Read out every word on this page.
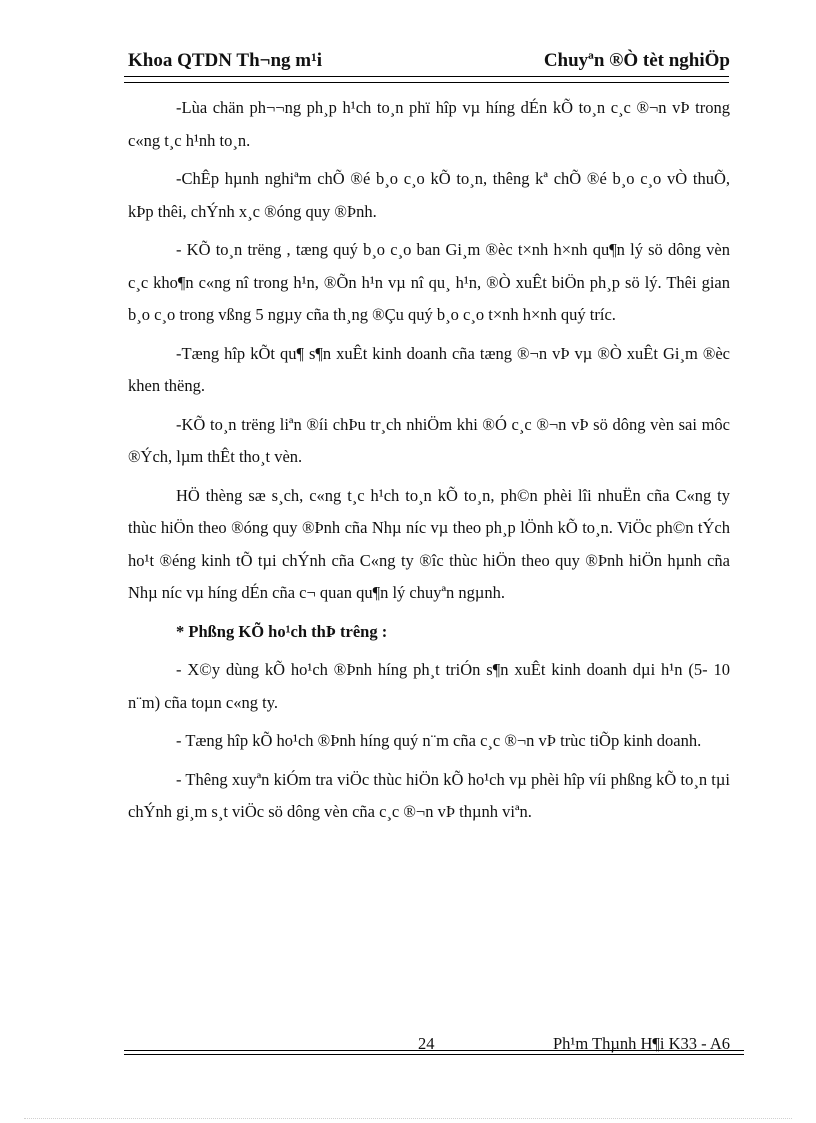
Khoa QTDN Th¬ng m¹i	Chuyªn ®Ò tèt nghiÖp

-Lùa chän ph¬¬ng ph¸p h¹ch to¸n phï hîp vµ híng dÉn kÕ to¸n c¸c ®¬n vÞ trong c«ng t¸c h¹nh to¸n.

-ChÊp hµnh nghiªm chÕ ®é b¸o c¸o kÕ to¸n, thêng kª chÕ ®é b¸o c¸o vÒ thuÕ, kÞp thêi, chÝnh x¸c ®óng quy ®Þnh.

- KÕ to¸n trëng , tæng quý b¸o c¸o ban Gi¸m ®èc t×nh h×nh qu¶n lý sö dông vèn c¸c kho¶n c«ng nî trong h¹n, ®Õn h¹n vµ nî qu¸ h¹n, ®Ò xuÊt biÖn ph¸p sö lý. Thêi gian b¸o c¸o trong vßng 5 ngµy cña th¸ng ®Çu quý b¸o c¸o t×nh h×nh quý tríc.

-Tæng hîp kÕt qu¶ s¶n xuÊt kinh doanh cña tæng ®¬n vÞ vµ ®Ò xuÊt Gi¸m ®èc khen thëng.

-KÕ to¸n trëng liªn ®íi chÞu tr¸ch nhiÖm khi ®Ó c¸c ®¬n vÞ sö dông vèn sai môc ®Ých, lµm thÊt tho¸t vèn.

HÖ thèng sæ s¸ch, c«ng t¸c h¹ch to¸n kÕ to¸n, ph©n phèi lîi nhuËn cña C«ng ty thùc hiÖn theo ®óng quy ®Þnh cña Nhµ níc vµ theo ph¸p lÖnh kÕ to¸n. ViÖc ph©n tÝch ho¹t ®éng kinh tÕ tµi chÝnh cña C«ng ty ®îc thùc hiÖn theo quy ®Þnh hiÖn hµnh cña Nhµ níc vµ híng dÉn cña c¬ quan qu¶n lý chuyªn ngµnh.

* Phßng KÕ ho¹ch thÞ trêng :

- X©y dùng kÕ ho¹ch ®Þnh híng ph¸t triÓn s¶n xuÊt kinh doanh dµi h¹n (5- 10 n¨m) cña toµn c«ng ty.

- Tæng hîp kÕ ho¹ch ®Þnh híng quý n¨m cña c¸c ®¬n vÞ trùc tiÕp kinh doanh.

- Thêng xuyªn kiÓm tra viÖc thùc hiÖn kÕ ho¹ch vµ phèi hîp víi phßng kÕ to¸n tµi chÝnh gi¸m s¸t viÖc sö dông vèn cña c¸c ®¬n vÞ thµnh viªn.

24	Ph¹m Thµnh H¶i K33 - A6
